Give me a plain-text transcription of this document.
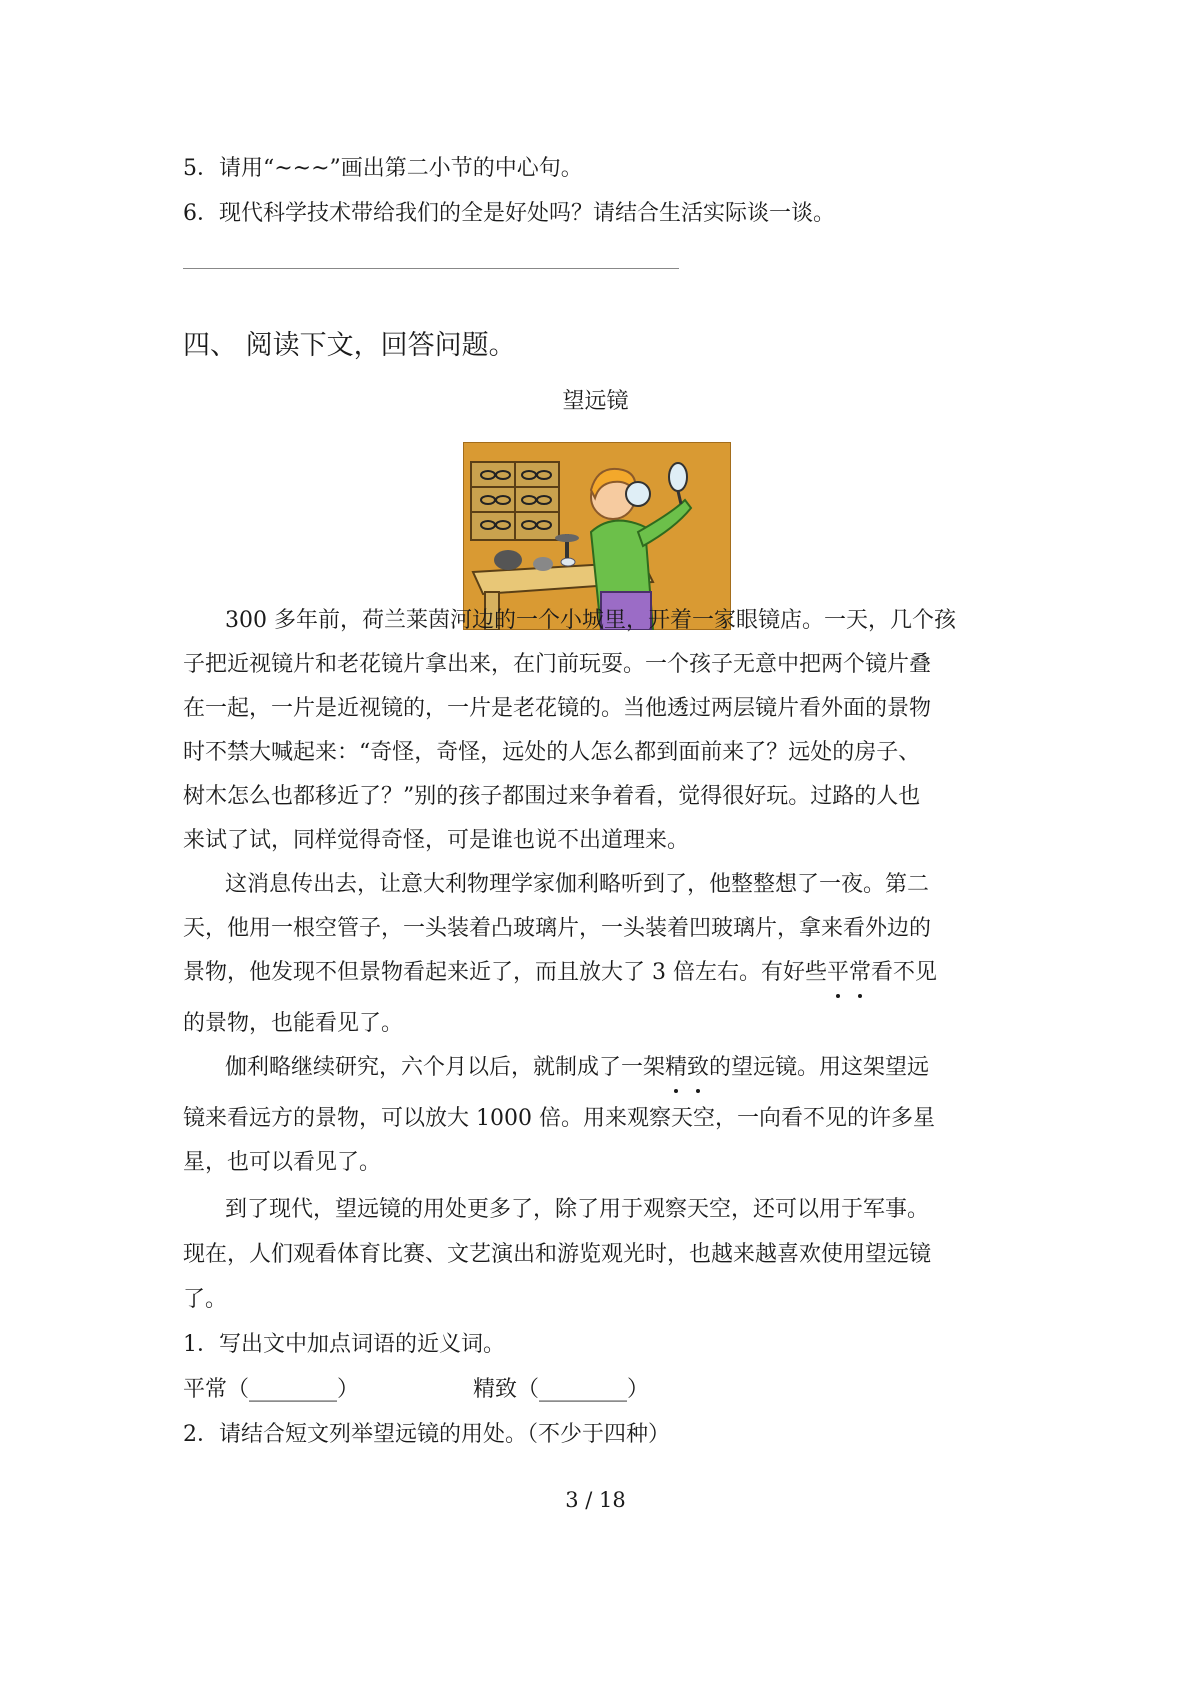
5．请用“~~~”画出第二小节的中心句。

6．现代科学技术带给我们的全是好处吗？请结合生活实际谈一谈。

四、 阅读下文，回答问题。

望远镜

300 多年前，荷兰莱茵河边的一个小城里，开着一家眼镜店。一天，几个孩

子把近视镜片和老花镜片拿出来，在门前玩耍。一个孩子无意中把两个镜片叠

在一起，一片是近视镜的，一片是老花镜的。当他透过两层镜片看外面的景物

时不禁大喊起来：“奇怪，奇怪，远处的人怎么都到面前来了？远处的房子、

树木怎么也都移近了？”别的孩子都围过来争着看，觉得很好玩。过路的人也

来试了试，同样觉得奇怪，可是谁也说不出道理来。

这消息传出去，让意大利物理学家伽利略听到了，他整整想了一夜。第二

天，他用一根空管子，一头装着凸玻璃片，一头装着凹玻璃片，拿来看外边的

景物，他发现不但景物看起来近了，而且放大了 3 倍左右。有好些平常
看不见

的景物，也能看见了。

伽利略继续研究，六个月以后，就制成了一架精致
的望远镜。用这架望远

镜来看远方的景物，可以放大 1000 倍。用来观察天空，一向看不见的许多星

星，也可以看见了。

到了现代，望远镜的用处更多了，除了用于观察天空，还可以用于军事。

现在，人们观看体育比赛、文艺演出和游览观光时，也越来越喜欢使用望远镜

了。

1．写出文中加点词语的近义词。

平常（________）	精致（________）

2．请结合短文列举望远镜的用处。（不少于四种）

3 / 18
